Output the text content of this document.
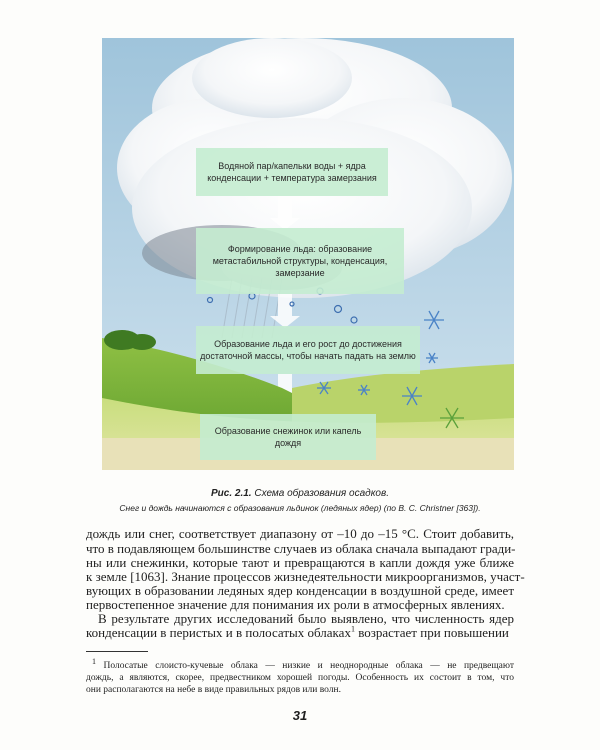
Водяной пар/капельки воды + ядра конденсации + температура замерзания
Формирование льда: образование метастабильной структуры, конденсация, замерзание
Образование льда и его рост до достижения достаточной массы, чтобы начать падать на землю
Образование снежинок или капель дождя
Рис. 2.1. Схема образования осадков.
Снег и дождь начинаются с образования льдинок (ледяных ядер) (по B. C. Christner [363]).
дождь или снег, соответствует диапазону от –10 до –15 °С. Стоит добавить,
что в подавляющем большинстве случаев из облака сначала выпадают гради-
ны или снежинки, которые тают и превращаются в капли дождя уже ближе
к земле [1063]. Знание процессов жизнедеятельности микроорганизмов, участ-
вующих в образовании ледяных ядер конденсации в воздушной среде, имеет
первостепенное значение для понимания их роли в атмосферных явлениях.
В результате других исследований было выявлено, что численность ядер
конденсации в перистых и в полосатых облаках$^1$ возрастает при повышении
$^1$ Полосатые слоисто-кучевые облака — низкие и неоднородные облака — не предвещают
дождь, а являются, скорее, предвестником хорошей погоды. Особенность их состоит в том, что
они располагаются на небе в виде правильных рядов или волн.
31
